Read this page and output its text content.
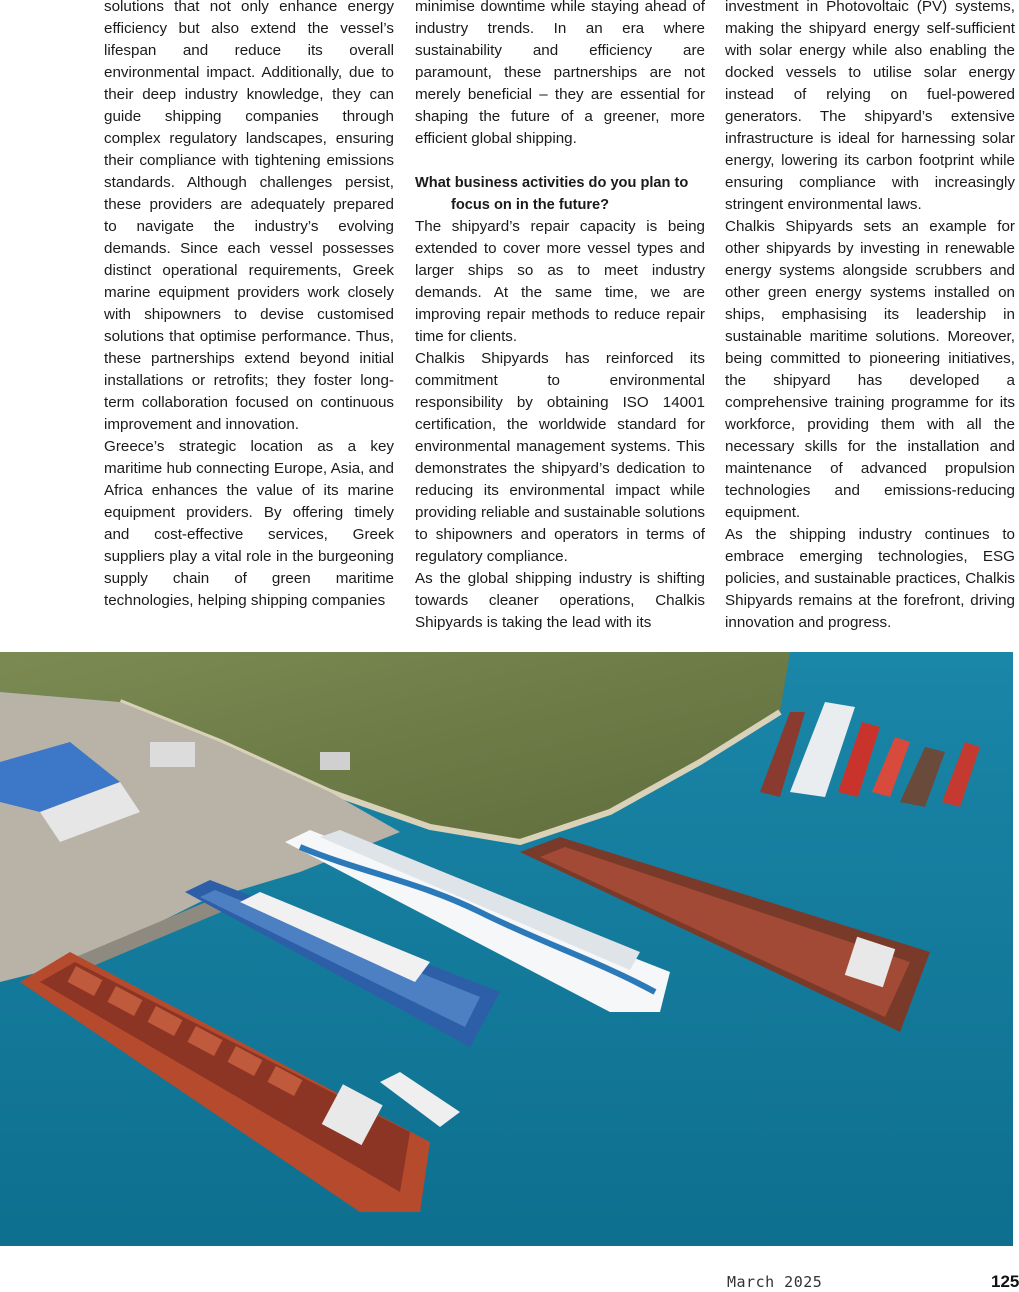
solutions that not only enhance energy efficiency but also extend the vessel’s lifespan and reduce its overall environmental impact. Additionally, due to their deep industry knowledge, they can guide shipping companies through complex regulatory landscapes, ensuring their compliance with tightening emissions standards. Although challenges persist, these providers are adequately prepared to navigate the industry’s evolving demands. Since each vessel possesses distinct operational requirements, Greek marine equipment providers work closely with shipowners to devise customised solutions that optimise performance. Thus, these partnerships extend beyond initial installations or retrofits; they foster long-term collaboration focused on continuous improvement and innovation.

Greece’s strategic location as a key maritime hub connecting Europe, Asia, and Africa enhances the value of its marine equipment providers. By offering timely and cost-effective services, Greek suppliers play a vital role in the burgeoning supply chain of green maritime technologies, helping shipping companies

minimise downtime while staying ahead of industry trends. In an era where sustainability and efficiency are paramount, these partnerships are not merely beneficial – they are essential for shaping the future of a greener, more efficient global shipping.

What business activities do you plan to focus on in the future?

The shipyard’s repair capacity is being extended to cover more vessel types and larger ships so as to meet industry demands. At the same time, we are improving repair methods to reduce repair time for clients.

Chalkis Shipyards has reinforced its commitment to environmental responsibility by obtaining ISO 14001 certification, the worldwide standard for environmental management systems. This demonstrates the shipyard’s dedication to reducing its environmental impact while providing reliable and sustainable solutions to shipowners and operators in terms of regulatory compliance.

As the global shipping industry is shifting towards cleaner operations, Chalkis Shipyards is taking the lead with its

investment in Photovoltaic (PV) systems, making the shipyard energy self-sufficient with solar energy while also enabling the docked vessels to utilise solar energy instead of relying on fuel-powered generators. The shipyard’s extensive infrastructure is ideal for harnessing solar energy, lowering its carbon footprint while ensuring compliance with increasingly stringent environmental laws.

Chalkis Shipyards sets an example for other shipyards by investing in renewable energy systems alongside scrubbers and other green energy systems installed on ships, emphasising its leadership in sustainable maritime solutions. Moreover, being committed to pioneering initiatives, the shipyard has developed a comprehensive training programme for its workforce, providing them with all the necessary skills for the installation and maintenance of advanced propulsion technologies and emissions-reducing equipment.

As the shipping industry continues to embrace emerging technologies, ESG policies, and sustainable practices, Chalkis Shipyards remains at the forefront, driving innovation and progress.

March 2025	125
